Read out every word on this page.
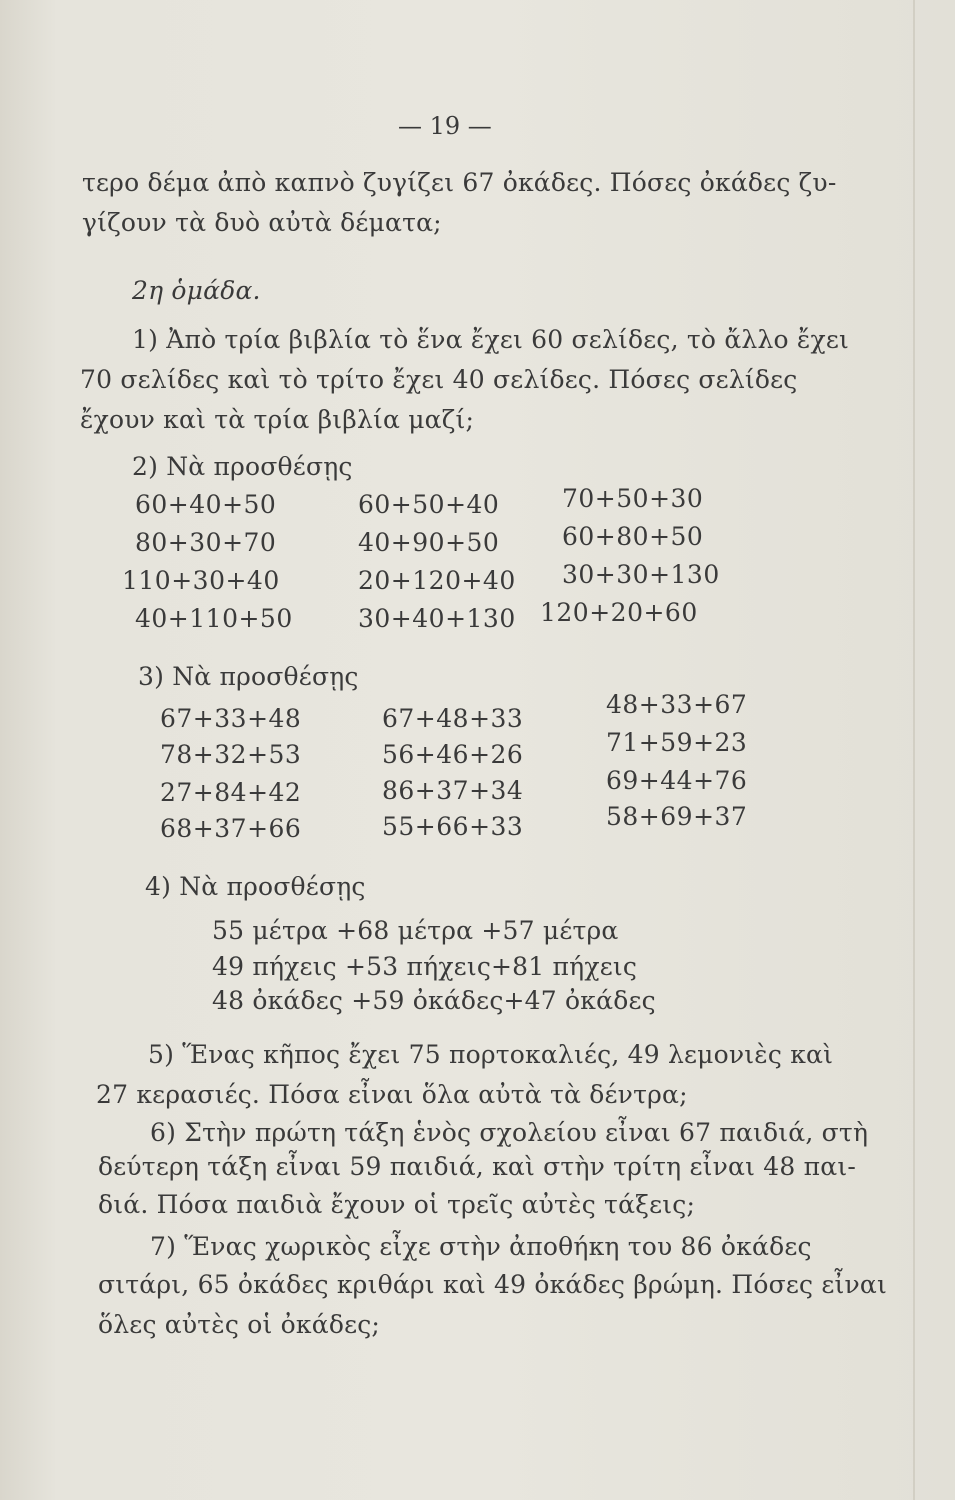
— 19 —
τερο δέμα ἀπὸ καπνὸ ζυγίζει 67 ὀκάδες. Πόσες ὀκάδες ζυ-
γίζουν τὰ δυὸ αὐτὰ δέματα;
2η ὁμάδα.
1) Ἀπὸ τρία βιβλία τὸ ἕνα ἔχει 60 σελίδες, τὸ ἄλλο ἔχει
70 σελίδες καὶ τὸ τρίτο ἔχει 40 σελίδες. Πόσες σελίδες
ἔχουν καὶ τὰ τρία βιβλία μαζί;
2) Νὰ προσθέσῃς
60+40+50	60+50+40	70+50+30
80+30+70	40+90+50	60+80+50
110+30+40	20+120+40 30+30+130
40+110+50	30+40+130 120+20+60
3) Νὰ προσθέσῃς
67+33+48	67+48+33	48+33+67
78+32+53	56+46+26	71+59+23
27+84+42	86+37+34	69+44+76
68+37+66	55+66+33	58+69+37
4) Νὰ προσθέσῃς
55 μέτρα +68 μέτρα +57 μέτρα
49 πήχεις +53 πήχεις+81 πήχεις
48 ὀκάδες +59 ὀκάδες+47 ὀκάδες
5) Ἕνας κῆπος ἔχει 75 πορτοκαλιές, 49 λεμονιὲς καὶ
27 κερασιές. Πόσα εἶναι ὅλα αὐτὰ τὰ δέντρα;
6) Στὴν πρώτη τάξη ἑνὸς σχολείου εἶναι 67 παιδιά, στὴ
δεύτερη τάξη εἶναι 59 παιδιά, καὶ στὴν τρίτη εἶναι 48 παι-
διά. Πόσα παιδιὰ ἔχουν οἱ τρεῖς αὐτὲς τάξεις;
7) Ἕνας χωρικὸς εἶχε στὴν ἀποθήκη του 86 ὀκάδες
σιτάρι, 65 ὀκάδες κριθάρι καὶ 49 ὀκάδες βρώμη. Πόσες εἶναι
ὅλες αὐτὲς οἱ ὀκάδες;
